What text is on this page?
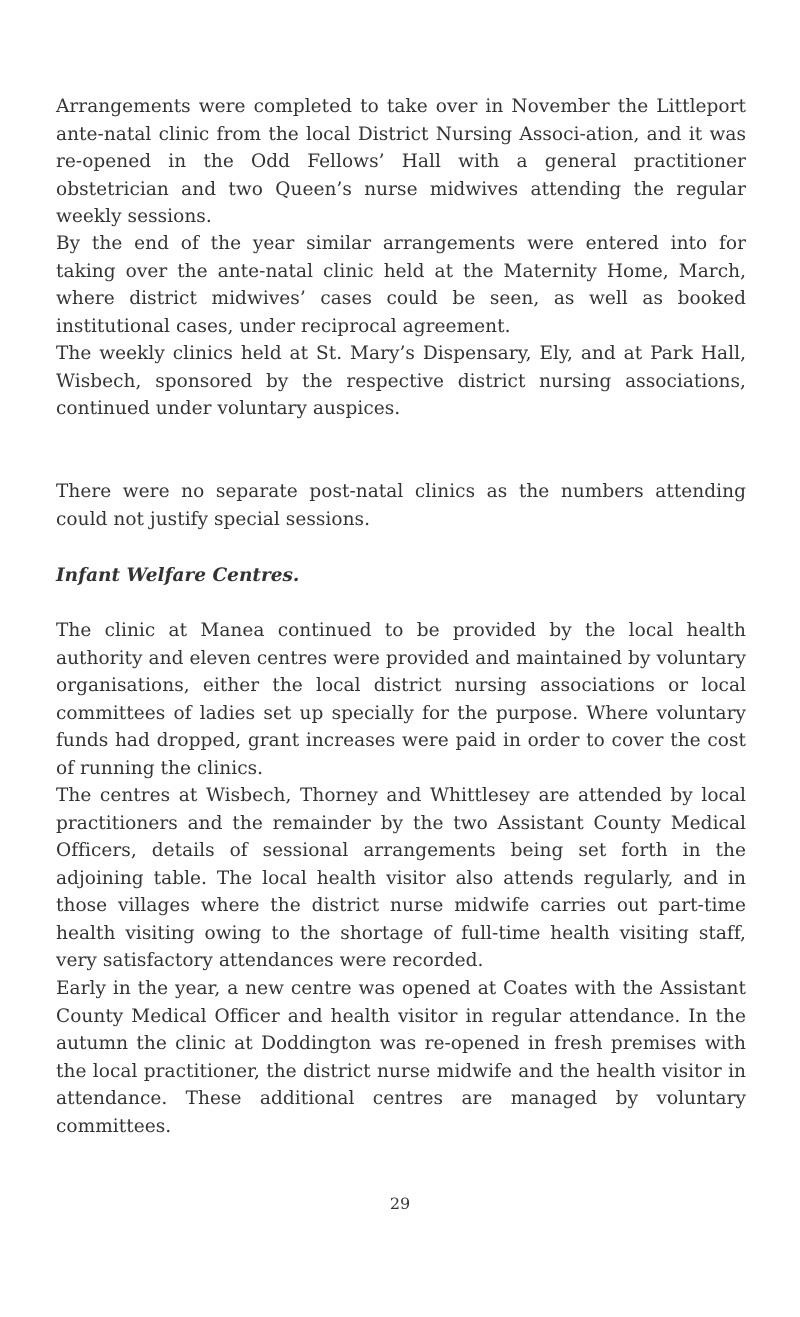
Arrangements were completed to take over in November the Littleport ante-natal clinic from the local District Nursing Associ-ation, and it was re-opened in the Odd Fellows’ Hall with a general practitioner obstetrician and two Queen’s nurse midwives attending the regular weekly sessions.

By the end of the year similar arrangements were entered into for taking over the ante-natal clinic held at the Maternity Home, March, where district midwives’ cases could be seen, as well as booked institutional cases, under reciprocal agreement.

The weekly clinics held at St. Mary’s Dispensary, Ely, and at Park Hall, Wisbech, sponsored by the respective district nursing associations, continued under voluntary auspices.

There were no separate post-natal clinics as the numbers attending could not justify special sessions.

Infant Welfare Centres.

The clinic at Manea continued to be provided by the local health authority and eleven centres were provided and maintained by voluntary organisations, either the local district nursing associations or local committees of ladies set up specially for the purpose. Where voluntary funds had dropped, grant increases were paid in order to cover the cost of running the clinics.

The centres at Wisbech, Thorney and Whittlesey are attended by local practitioners and the remainder by the two Assistant County Medical Officers, details of sessional arrangements being set forth in the adjoining table. The local health visitor also attends regularly, and in those villages where the district nurse midwife carries out part-time health visiting owing to the shortage of full-time health visiting staff, very satisfactory attendances were recorded.

Early in the year, a new centre was opened at Coates with the Assistant County Medical Officer and health visitor in regular attendance. In the autumn the clinic at Doddington was re-opened in fresh premises with the local practitioner, the district nurse midwife and the health visitor in attendance. These additional centres are managed by voluntary committees.

29
